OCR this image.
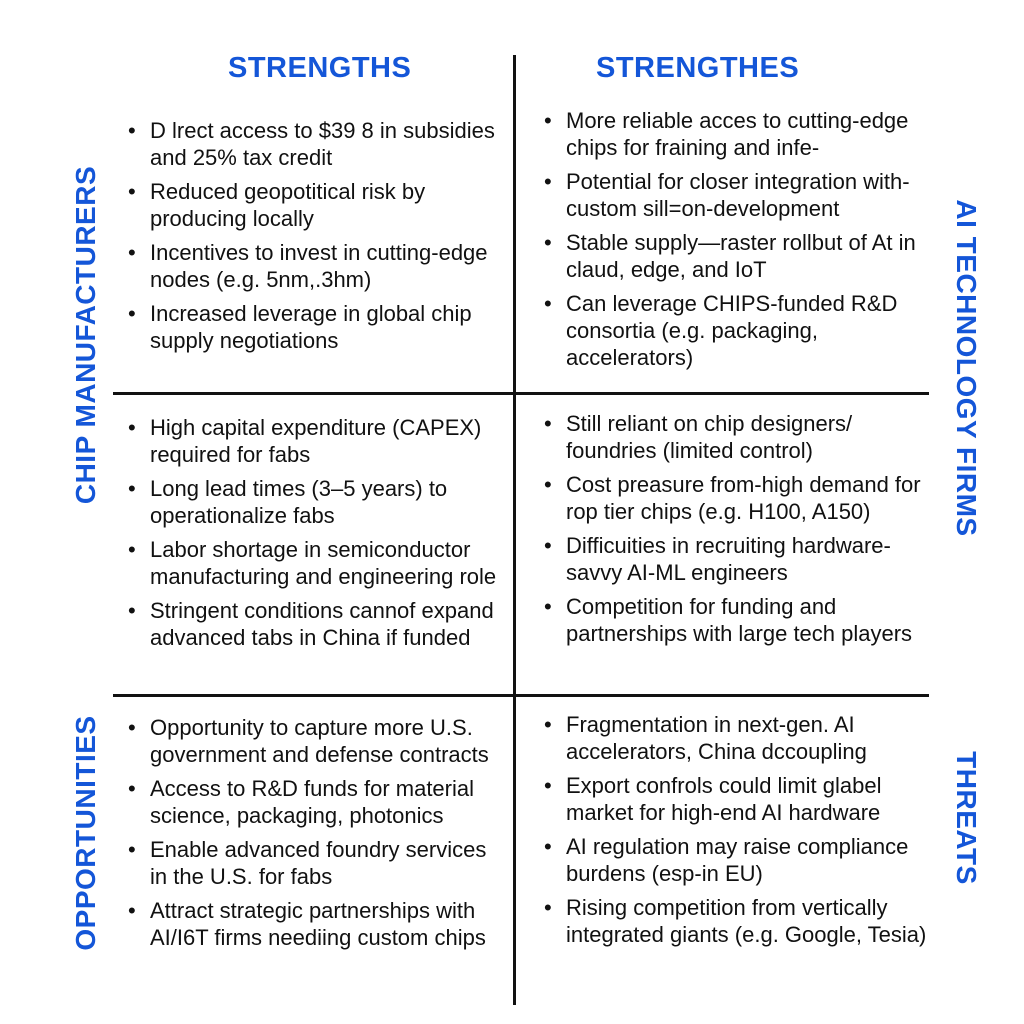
STRENGTHS	STRENGTHES
CHIP MANUFACTURERS
OPPORTUNITIES
AI TECHNOLOGY FIRMS
THREATS
• D lrect access to $39 8 in subsidies and 25% tax credit
• Reduced geopotitical risk by producing locally
• Incentives to invest in cutting-edge nodes (e.g. 5nm,.3hm)
• Increased leverage in global chip supply negotiations
• More reliable acces to cutting-edge chips for fraining and infe-
• Potential for closer integration with-custom sill=on-development
• Stable supply—raster rollbut of At in claud, edge, and IoT
• Can leverage CHIPS-funded R&D consortia (e.g. packaging, accelerators)
• High capital expenditure (CAPEX) required for fabs
• Long lead times (3–5 years) to operationalize fabs
• Labor shortage in semiconductor manufacturing and engineering role
• Stringent conditions cannof expand advanced tabs in China if funded
• Still reliant on chip designers/ foundries (limited control)
• Cost preasure from-high demand for rop tier chips (e.g. H100, A150)
• Difficuities in recruiting hardware-savvy AI-ML engineers
• Competition for funding and partnerships with large tech players
• Opportunity to capture more U.S. government and defense contracts
• Access to R&D funds for material science, packaging, photonics
• Enable advanced foundry services in the U.S. for fabs
• Attract strategic partnerships with AI/I6T firms neediing custom chips
• Fragmentation in next-gen. AI accelerators, China dccoupling
• Export confrols could limit glabel market for high-end AI hardware
• AI regulation may raise compliance burdens (esp-in EU)
• Rising competition from vertically integrated giants (e.g. Google, Tesia)
